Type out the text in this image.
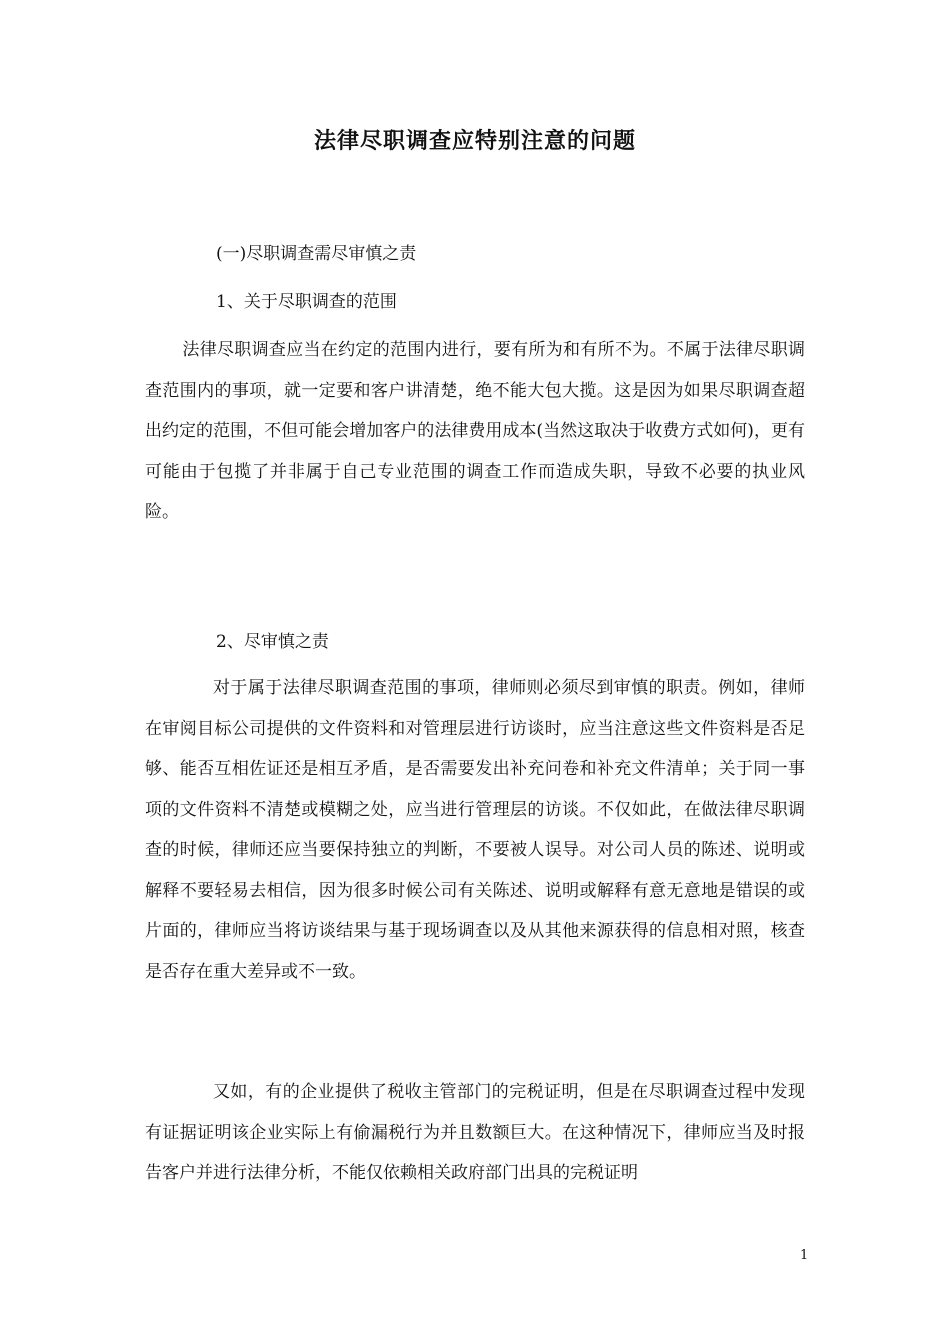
法律尽职调查应特别注意的问题
(一)尽职调查需尽审慎之责
1、关于尽职调查的范围

法律尽职调查应当在约定的范围内进行，要有所为和有所不为。不属于法律尽职调查范围内的事项，就一定要和客户讲清楚，绝不能大包大揽。这是因为如果尽职调查超出约定的范围，不但可能会增加客户的法律费用成本(当然这取决于收费方式如何)，更有可能由于包揽了并非属于自己专业范围的调查工作而造成失职，导致不必要的执业风险。

2、尽审慎之责

对于属于法律尽职调查范围的事项，律师则必须尽到审慎的职责。例如，律师在审阅目标公司提供的文件资料和对管理层进行访谈时，应当注意这些文件资料是否足够、能否互相佐证还是相互矛盾，是否需要发出补充问卷和补充文件清单；关于同一事项的文件资料不清楚或模糊之处，应当进行管理层的访谈。不仅如此，在做法律尽职调查的时候，律师还应当要保持独立的判断，不要被人误导。对公司人员的陈述、说明或解释不要轻易去相信，因为很多时候公司有关陈述、说明或解释有意无意地是错误的或片面的，律师应当将访谈结果与基于现场调查以及从其他来源获得的信息相对照，核查是否存在重大差异或不一致。

又如，有的企业提供了税收主管部门的完税证明，但是在尽职调查过程中发现有证据证明该企业实际上有偷漏税行为并且数额巨大。在这种情况下，律师应当及时报告客户并进行法律分析，不能仅依赖相关政府部门出具的完税证明

1
